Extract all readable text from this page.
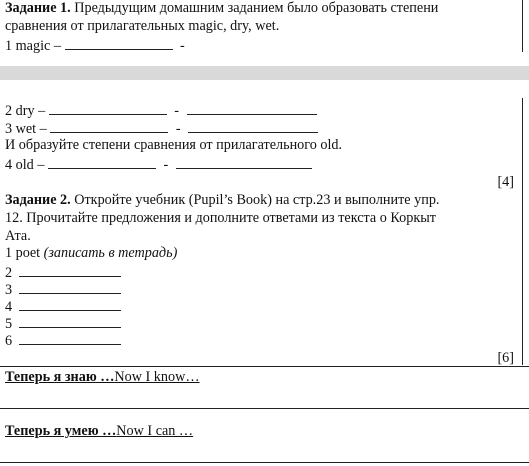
Задание 1. Предыдущим домашним заданием было образовать степени
сравнения от прилагательных magic, dry, wet.
1 magic –	-
2 dry –	-
3 wet –	-
И образуйте степени сравнения от прилагательного old.
4 old –	-
[4]
Задание 2. Откройте учебник (Pupil’s Book) на стр.23 и выполните упр.
12. Прочитайте предложения и дополните ответами из текста о Коркыт
Ата.
1 poet (записать в тетрадь)
2
3
4
5
6
[6]
Теперь я знаю …Now I know…
Теперь я умею …Now I can …
